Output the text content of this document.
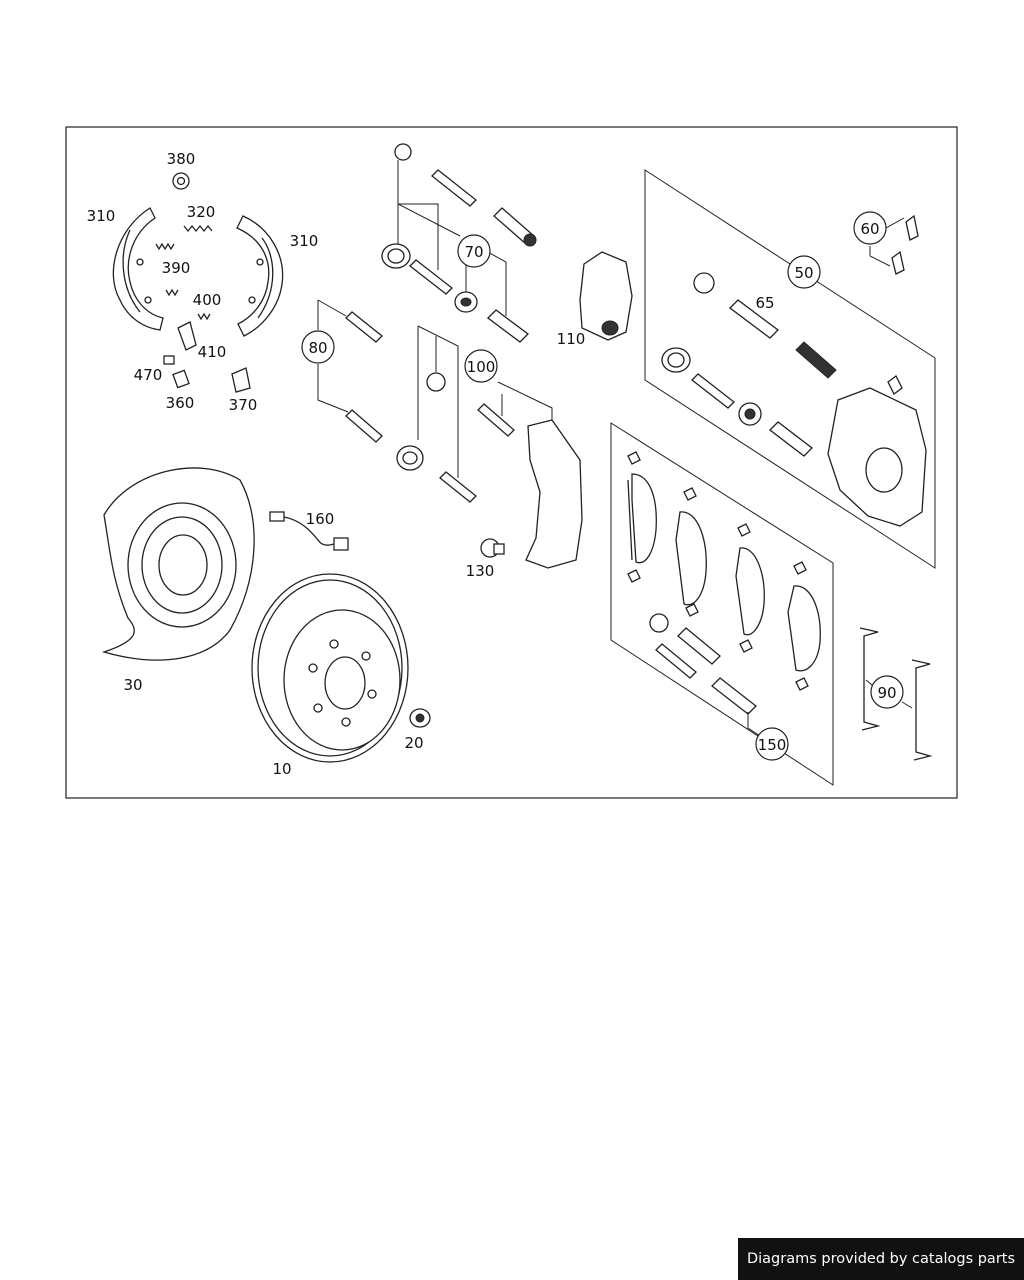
10
20
30
50
60
65
70
80
90
100
110
130
150
160
310
310
320
360 370
380
390
400
410
470
Diagrams provided by catalogs parts
